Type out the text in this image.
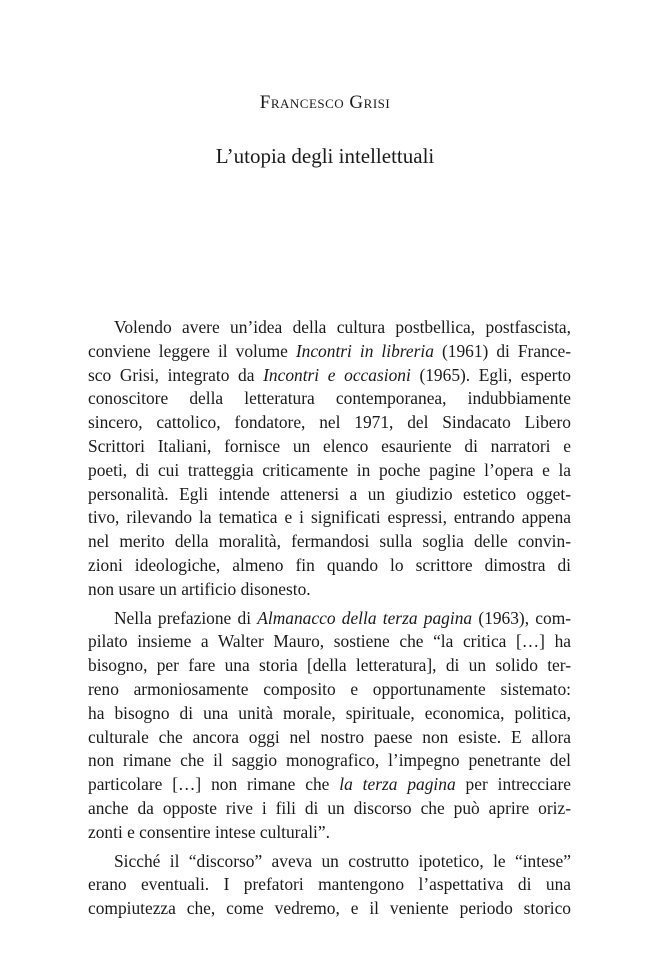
Francesco Grisi
L’utopia degli intellettuali
Volendo avere un’idea della cultura postbellica, postfascista,
conviene leggere il volume Incontri in libreria (1961) di France-
sco Grisi, integrato da Incontri e occasioni (1965). Egli, esperto
conoscitore della letteratura contemporanea, indubbiamente
sincero, cattolico, fondatore, nel 1971, del Sindacato Libero
Scrittori Italiani, fornisce un elenco esauriente di narratori e
poeti, di cui tratteggia criticamente in poche pagine l’opera e la
personalità. Egli intende attenersi a un giudizio estetico ogget-
tivo, rilevando la tematica e i significati espressi, entrando appena
nel merito della moralità, fermandosi sulla soglia delle convin-
zioni ideologiche, almeno fin quando lo scrittore dimostra di
non usare un artificio disonesto.
Nella prefazione di Almanacco della terza pagina (1963), com-
pilato insieme a Walter Mauro, sostiene che “la critica […] ha
bisogno, per fare una storia [della letteratura], di un solido ter-
reno armoniosamente composito e opportunamente sistemato:
ha bisogno di una unità morale, spirituale, economica, politica,
culturale che ancora oggi nel nostro paese non esiste. E allora
non rimane che il saggio monografico, l’impegno penetrante del
particolare […] non rimane che la terza pagina per intrecciare
anche da opposte rive i fili di un discorso che può aprire oriz-
zonti e consentire intese culturali”.
Sicché il “discorso” aveva un costrutto ipotetico, le “intese”
erano eventuali. I prefatori mantengono l’aspettativa di una
compiutezza che, come vedremo, e il veniente periodo storico
